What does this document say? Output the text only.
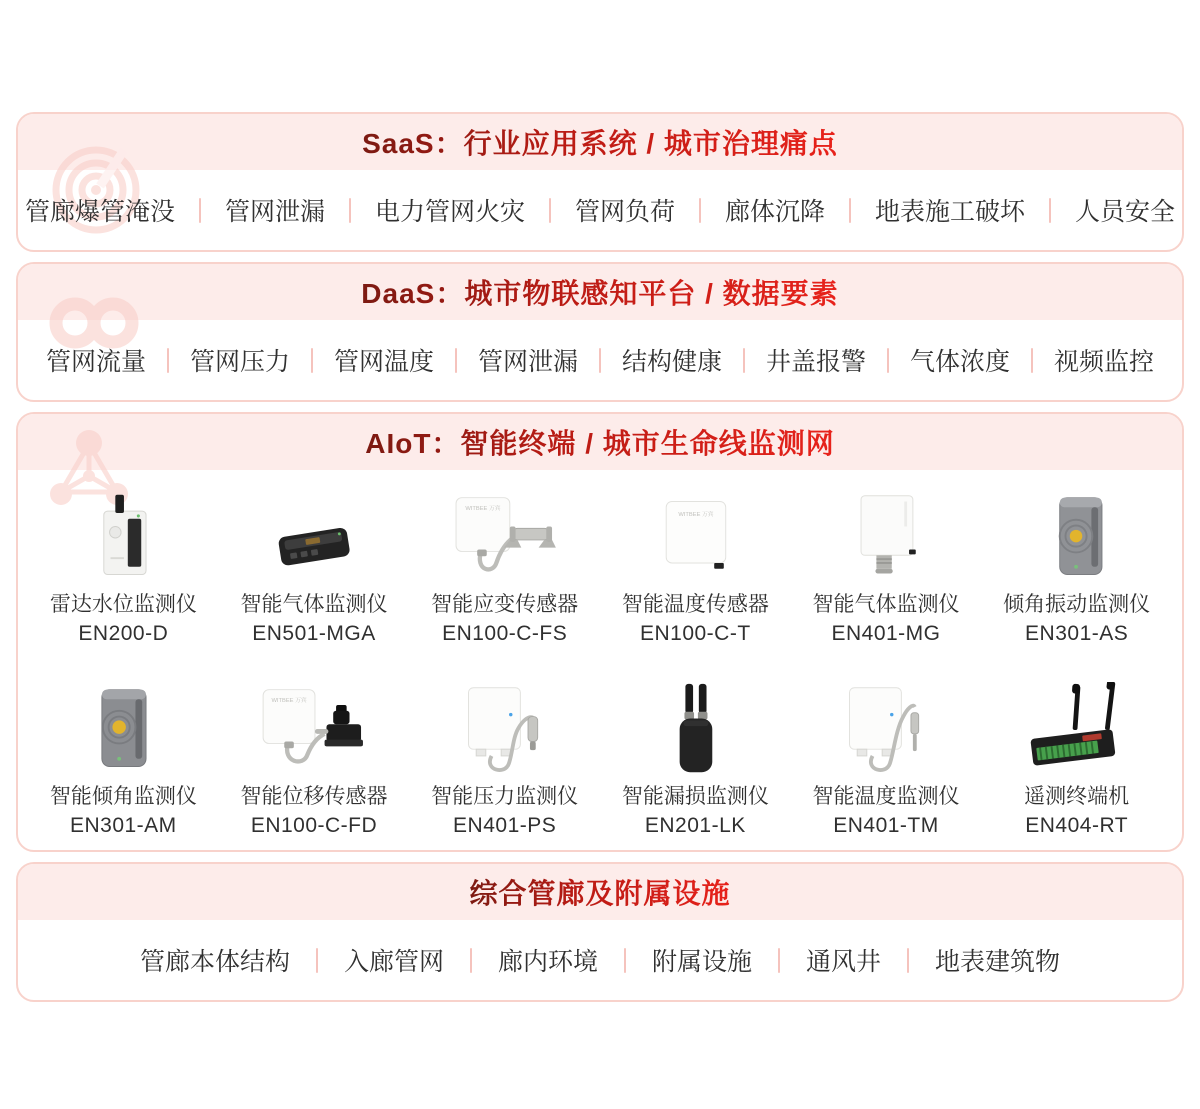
SaaS：行业应用系统 / 城市治理痛点
管廊爆管淹没 管网泄漏 电力管网火灾 管网负荷 廊体沉降 地表施工破坏 人员安全
DaaS：城市物联感知平台 / 数据要素
管网流量 管网压力 管网温度 管网泄漏 结构健康 井盖报警 气体浓度 视频监控
AIoT：智能终端 / 城市生命线监测网
雷达水位监测仪
EN200-D
智能气体监测仪
EN501-MGA
WITBEE 万宾
智能应变传感器
EN100-C-FS
WITBEE 万宾
智能温度传感器
EN100-C-T
智能气体监测仪
EN401-MG
倾角振动监测仪
EN301-AS
智能倾角监测仪
EN301-AM
WITBEE 万宾
智能位移传感器
EN100-C-FD
智能压力监测仪
EN401-PS
智能漏损监测仪
EN201-LK
智能温度监测仪
EN401-TM
遥测终端机
EN404-RT
综合管廊及附属设施
管廊本体结构 入廊管网 廊内环境 附属设施 通风井 地表建筑物
